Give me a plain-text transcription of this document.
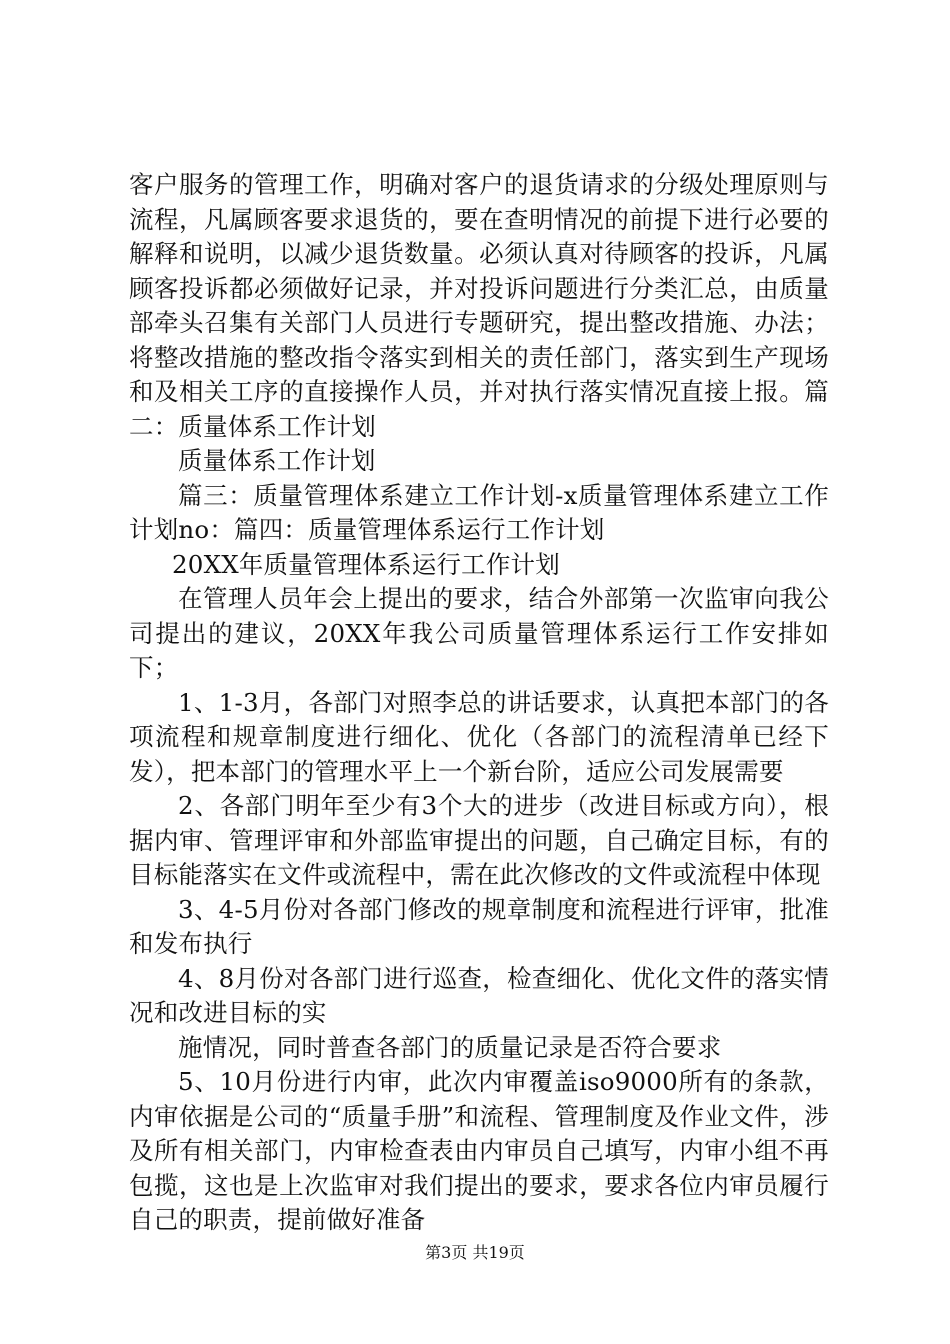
客户服务的管理工作，明确对客户的退货请求的分级处理原则与流程，凡属顾客要求退货的，要在查明情况的前提下进行必要的解释和说明，以减少退货数量。必须认真对待顾客的投诉，凡属顾客投诉都必须做好记录，并对投诉问题进行分类汇总，由质量部牵头召集有关部门人员进行专题研究，提出整改措施、办法；将整改措施的整改指令落实到相关的责任部门，落实到生产现场和及相关工序的直接操作人员，并对执行落实情况直接上报。篇二：质量体系工作计划

质量体系工作计划

篇三：质量管理体系建立工作计划-x质量管理体系建立工作计划no：篇四：质量管理体系运行工作计划

20XX年质量管理体系运行工作计划

在管理人员年会上提出的要求，结合外部第一次监审向我公司提出的建议，20XX年我公司质量管理体系运行工作安排如下；

1、1-3月，各部门对照李总的讲话要求，认真把本部门的各项流程和规章制度进行细化、优化（各部门的流程清单已经下发），把本部门的管理水平上一个新台阶，适应公司发展需要

2、各部门明年至少有3个大的进步（改进目标或方向），根据内审、管理评审和外部监审提出的问题，自己确定目标，有的目标能落实在文件或流程中，需在此次修改的文件或流程中体现

3、4-5月份对各部门修改的规章制度和流程进行评审，批准和发布执行

4、8月份对各部门进行巡查，检查细化、优化文件的落实情况和改进目标的实

施情况，同时普查各部门的质量记录是否符合要求

5、10月份进行内审，此次内审覆盖iso9000所有的条款，内审依据是公司的“质量手册”和流程、管理制度及作业文件，涉及所有相关部门，内审检查表由内审员自己填写，内审小组不再包揽，这也是上次监审对我们提出的要求，要求各位内审员履行自己的职责，提前做好准备

第3页 共19页
